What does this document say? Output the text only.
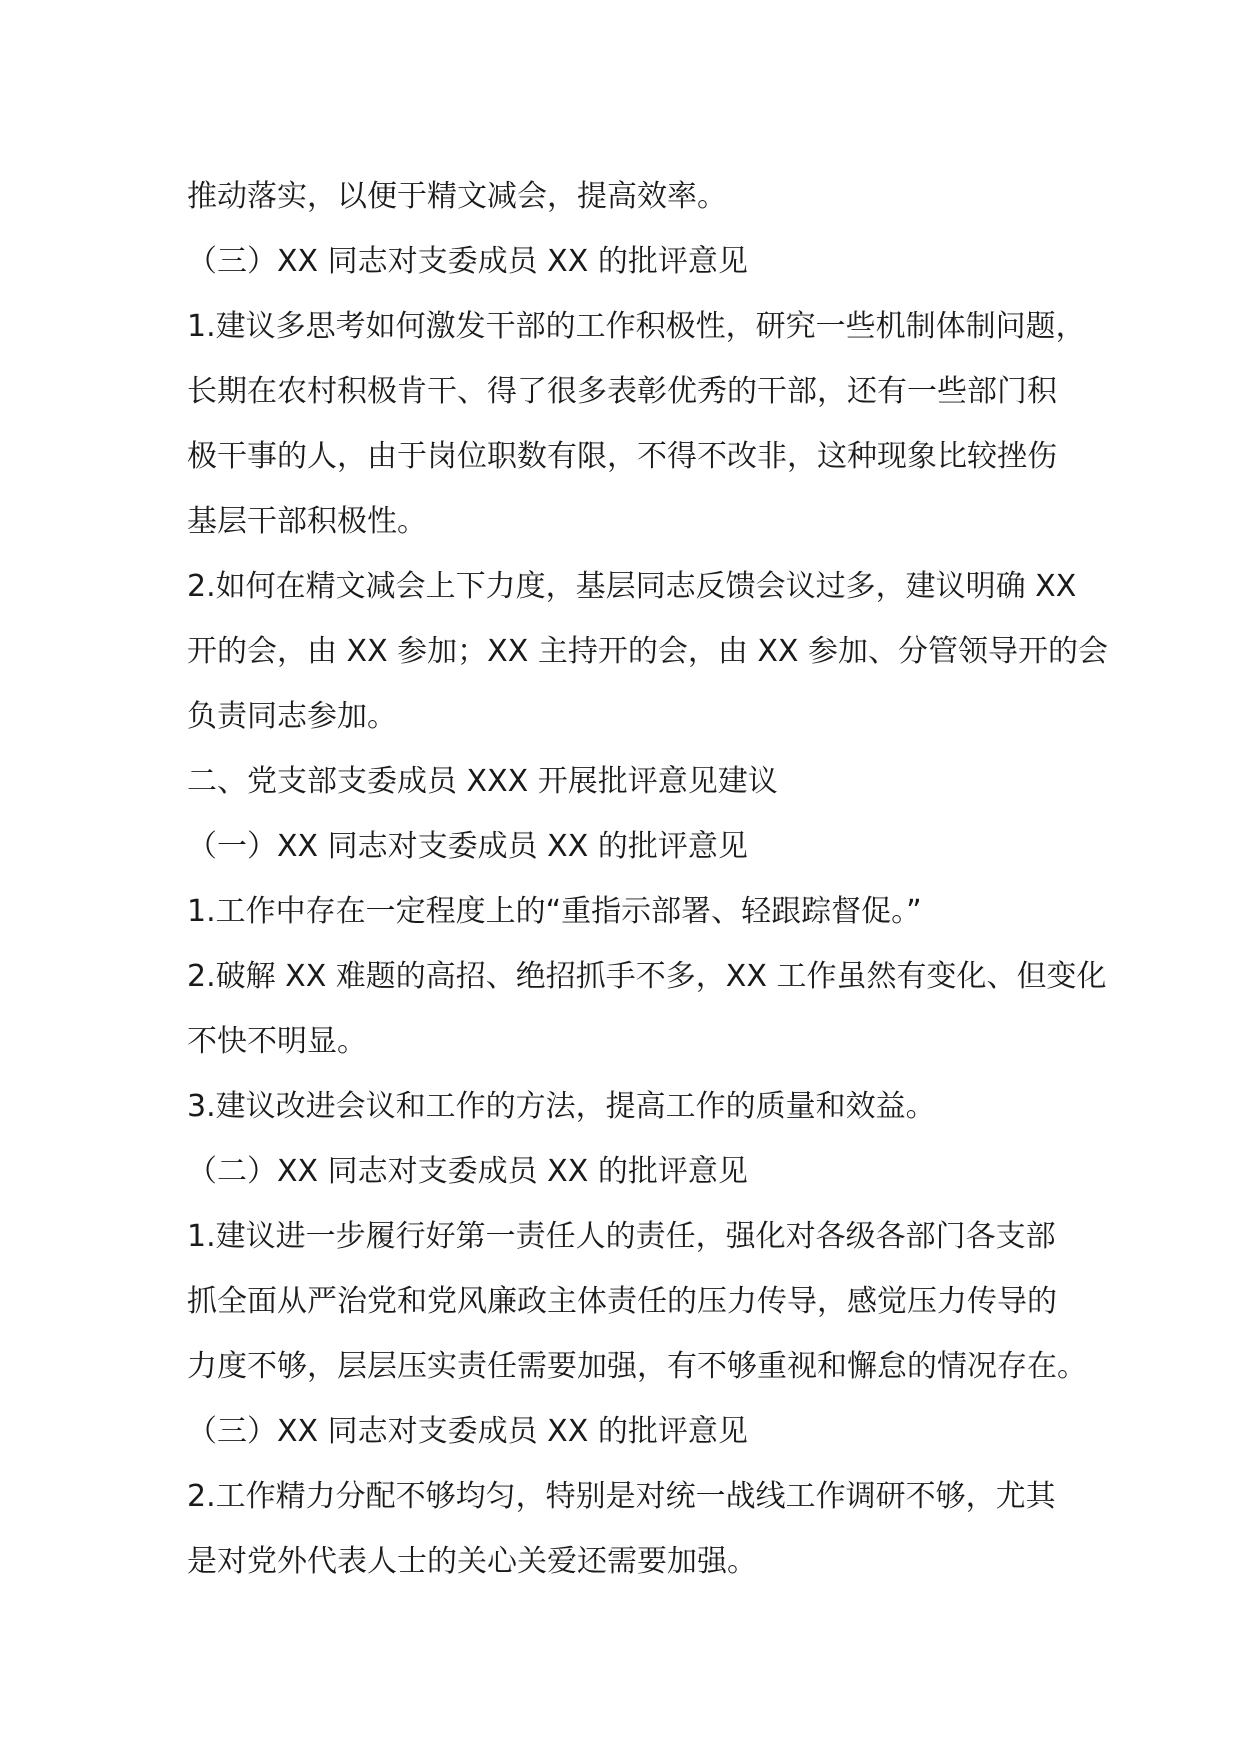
推动落实，以便于精文减会，提高效率。
（三）XX 同志对支委成员 XX 的批评意见
1.建议多思考如何激发干部的工作积极性，研究一些机制体制问题，
长期在农村积极肯干、得了很多表彰优秀的干部，还有一些部门积
极干事的人，由于岗位职数有限，不得不改非，这种现象比较挫伤
基层干部积极性。
2.如何在精文减会上下力度，基层同志反馈会议过多，建议明确 XX
开的会，由 XX 参加；XX 主持开的会，由 XX 参加、分管领导开的会
负责同志参加。
二、党支部支委成员 XXX 开展批评意见建议
（一）XX 同志对支委成员 XX 的批评意见
1.工作中存在一定程度上的“重指示部署、轻跟踪督促。”
2.破解 XX 难题的高招、绝招抓手不多，XX 工作虽然有变化、但变化
不快不明显。
3.建议改进会议和工作的方法，提高工作的质量和效益。
（二）XX 同志对支委成员 XX 的批评意见
1.建议进一步履行好第一责任人的责任，强化对各级各部门各支部
抓全面从严治党和党风廉政主体责任的压力传导，感觉压力传导的
力度不够，层层压实责任需要加强，有不够重视和懈怠的情况存在。
（三）XX 同志对支委成员 XX 的批评意见
2.工作精力分配不够均匀，特别是对统一战线工作调研不够，尤其
是对党外代表人士的关心关爱还需要加强。
